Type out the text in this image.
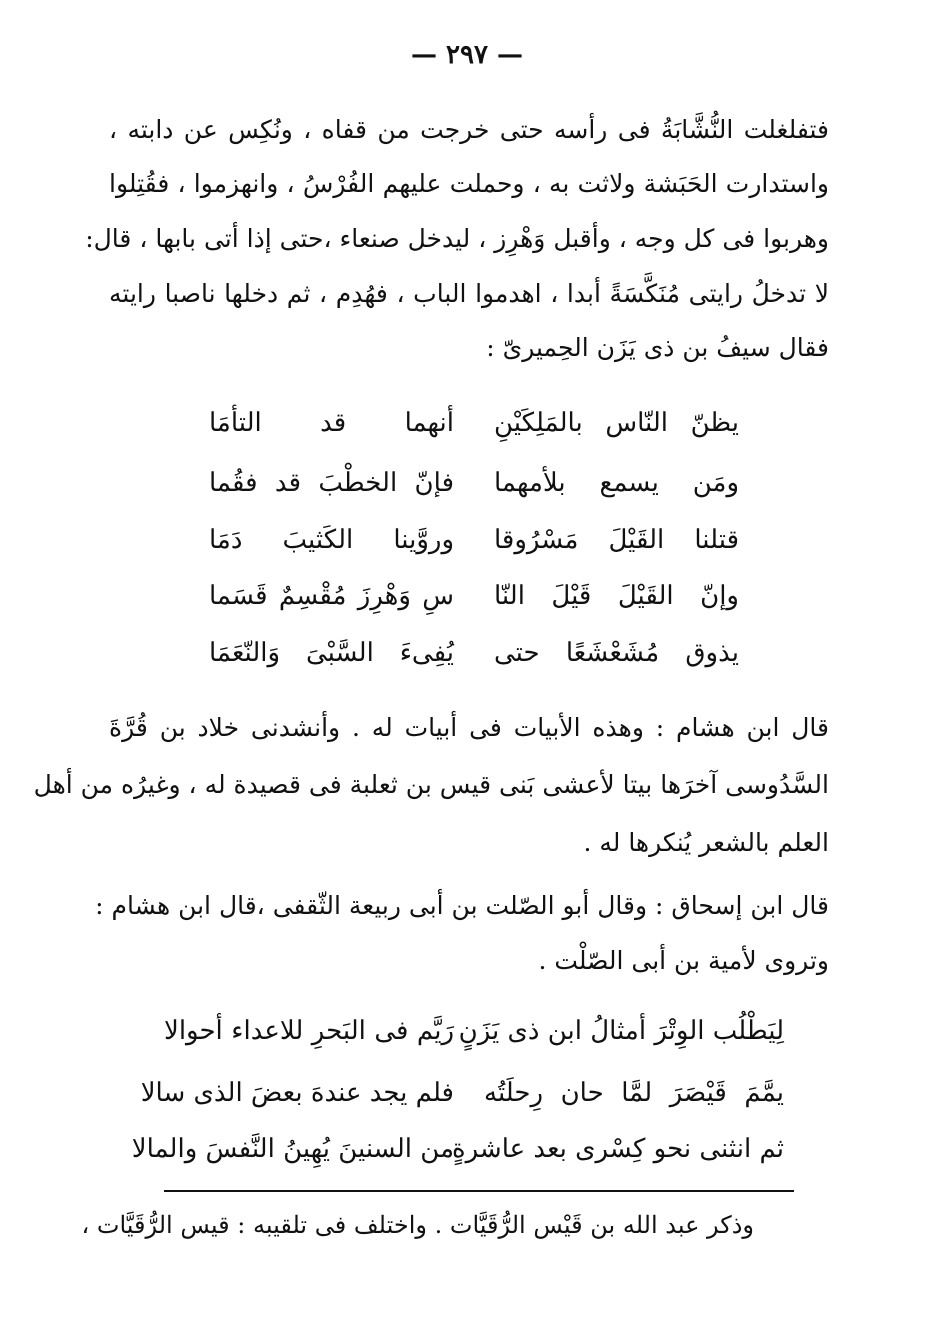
— ٢٩٧ —
فتفلغلت النُّشَّابَةُ فى رأسه حتى خرجت من قفاه ، ونُكِس عن دابته ،
واستدارت الحَبَشة ولاثت به ، وحملت عليهم الفُرْسُ ، وانهزموا ، فقُتِلوا
وهربوا فى كل وجه ، وأقبل وَهْرِز ، ليدخل صنعاء ،حتى إذا أتى بابها ، قال:
لا تدخلُ رايتى مُنَكَّسَةً أبدا ، اهدموا الباب ، فهُدِم ، ثم دخلها ناصبا رايته
فقال سيفُ بن ذى يَزَن الحِميرىّ :
يظنّ النّاس بالمَلِكَيْنِ
أنهما قد التأمَا
ومَن يسمع بلأمهما
فإنّ الخطْبَ قد فقُما
قتلنا القَيْلَ مَسْرُوقا
وروَّينا الكَثيبَ دَمَا
وإنّ القَيْلَ قَيْلَ النّا
سِ وَهْرِزَ مُقْسِمٌ قَسَما
يذوق مُشَعْشَعًا حتى
يُفِىءَ السَّبْىَ وَالنّعَمَا
قال ابن هشام : وهذه الأبيات فى أبيات له . وأنشدنى خلاد بن قُرَّةَ
السَّدُوسى آخرَها بيتا لأعشى بَنى قيس بن ثعلبة فى قصيدة له ، وغيرُه من أهل
العلم بالشعر يُنكرها له .
قال ابن إسحاق : وقال أبو الصّلت بن أبى ربيعة الثّقفى ،قال ابن هشام :
وتروى لأمية بن أبى الصّلْت .
لِيَطْلُب الوِتْرَ أمثالُ ابن ذى يَزَنٍ
رَيَّم فى البَحرِ للاعداء أحوالا
يمَّمَ قَيْصَرَ لمَّا حان رِحلَتُه
فلم يجد عندهَ بعضَ الذى سالا
ثم انثنى نحو كِسْرى بعد عاشرةٍ
من السنينَ يُهِينُ النَّفسَ والمالا
وذكر عبد الله بن قَيْس الرُّقَيَّات . واختلف فى تلقيبه : قيس الرُّقَيَّات ،
